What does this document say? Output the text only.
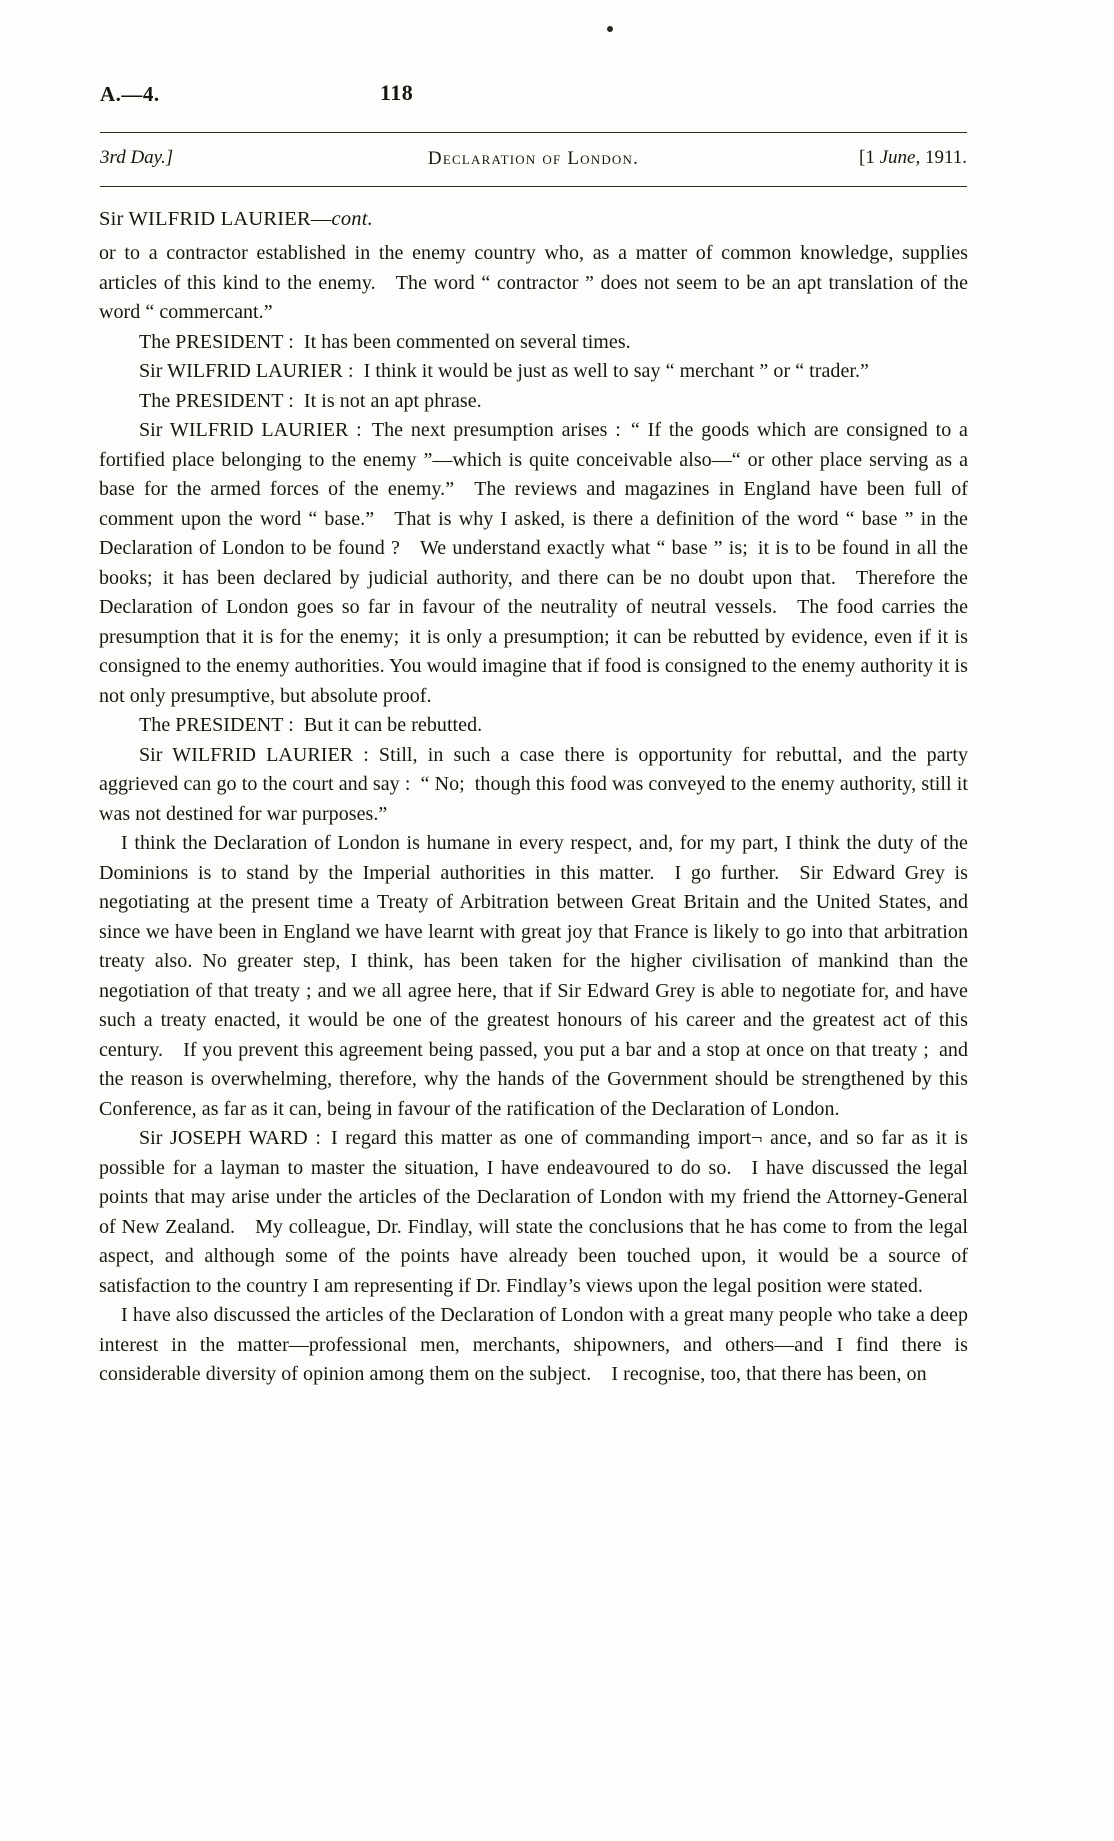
A.—4.	118
3rd Day.]	Declaration of London.	[1 June, 1911.
Sir WILFRID LAURIER—cont.

or to a contractor established in the enemy country who, as a matter of common knowledge, supplies articles of this kind to the enemy. The word “ contractor ” does not seem to be an apt translation of the word “ commercant.”

The PRESIDENT : It has been commented on several times.

Sir WILFRID LAURIER : I think it would be just as well to say “ merchant ” or “ trader.”

The PRESIDENT : It is not an apt phrase.

Sir WILFRID LAURIER : The next presumption arises : “ If the goods which are consigned to a fortified place belonging to the enemy ”––which is quite conceivable also—“ or other place serving as a base for the armed forces of the enemy.” The reviews and magazines in England have been full of comment upon the word “ base.” That is why I asked, is there a definition of the word “ base ” in the Declaration of London to be found ? We understand exactly what “ base ” is; it is to be found in all the books; it has been declared by judicial authority, and there can be no doubt upon that. Therefore the Declaration of London goes so far in favour of the neutrality of neutral vessels. The food carries the presumption that it is for the enemy; it is only a presumption; it can be rebutted by evidence, even if it is consigned to the enemy authorities. You would imagine that if food is consigned to the enemy authority it is not only presumptive, but absolute proof.

The PRESIDENT : But it can be rebutted.

Sir WILFRID LAURIER : Still, in such a case there is opportunity for rebuttal, and the party aggrieved can go to the court and say : “ No; though this food was conveyed to the enemy authority, still it was not destined for war purposes.”

I think the Declaration of London is humane in every respect, and, for my part, I think the duty of the Dominions is to stand by the Imperial authorities in this matter. I go further. Sir Edward Grey is negotiating at the present time a Treaty of Arbitration between Great Britain and the United States, and since we have been in England we have learnt with great joy that France is likely to go into that arbitration treaty also. No greater step, I think, has been taken for the higher civilisation of mankind than the negotiation of that treaty ; and we all agree here, that if Sir Edward Grey is able to negotiate for, and have such a treaty enacted, it would be one of the greatest honours of his career and the greatest act of this century. If you prevent this agreement being passed, you put a bar and a stop at once on that treaty ; and the reason is overwhelming, therefore, why the hands of the Government should be strengthened by this Conference, as far as it can, being in favour of the ratification of the Declaration of London.

Sir JOSEPH WARD : I regard this matter as one of commanding import¬ ance, and so far as it is possible for a layman to master the situation, I have endeavoured to do so. I have discussed the legal points that may arise under the articles of the Declaration of London with my friend the Attorney-General of New Zealand. My colleague, Dr. Findlay, will state the conclusions that he has come to from the legal aspect, and although some of the points have already been touched upon, it would be a source of satisfaction to the country I am representing if Dr. Findlay’s views upon the legal position were stated.

I have also discussed the articles of the Declaration of London with a great many people who take a deep interest in the matter—professional men, merchants, shipowners, and others—and I find there is considerable diversity of opinion among them on the subject. I recognise, too, that there has been, on
